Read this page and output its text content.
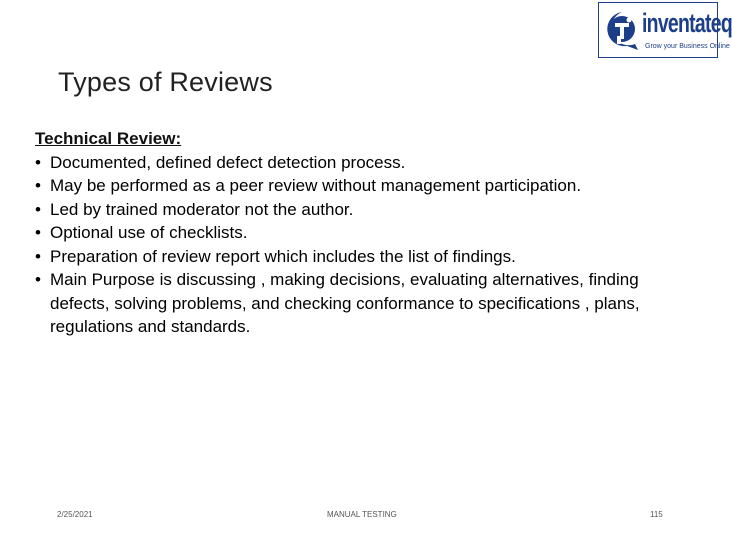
inventateq
Grow your Business Online
Types of Reviews
Technical Review:
• Documented, defined defect detection process.
• May be performed as a peer review without management participation.
• Led by trained moderator not the author.
• Optional use of checklists.
• Preparation of review report which includes the list of findings.
• Main Purpose is discussing , making decisions, evaluating alternatives, finding defects, solving problems, and checking conformance to specifications , plans, regulations and standards.
2/25/2021	MANUAL TESTING	115
